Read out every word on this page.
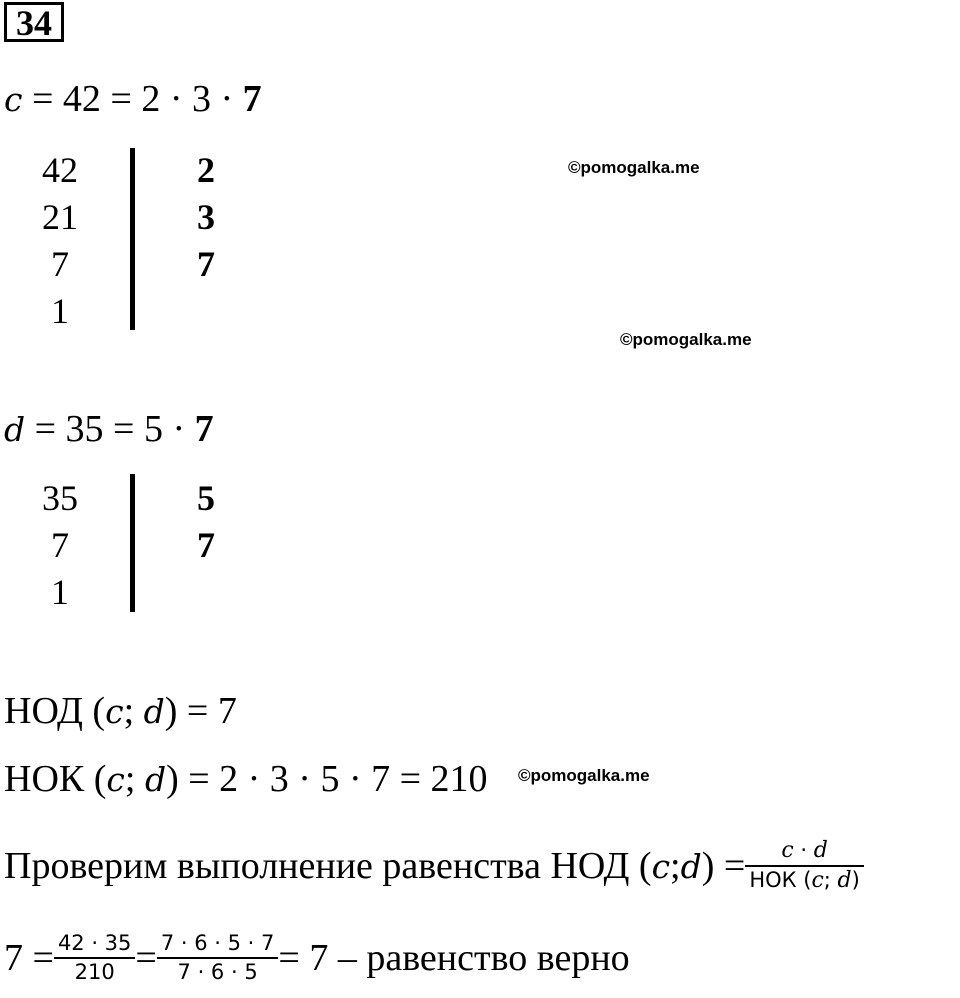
34
c = 42 = 2 · 3 · 7
42
21
7
1
2
3
7
©pomogalka.me
©pomogalka.me
d = 35 = 5 · 7
35
7
1
5
7
НОД (c; d) = 7
НОК (c; d) = 2 · 3 · 5 · 7 = 210 ©pomogalka.me
Проверим выполнение равенства НОД ( c ; d ) = $\frac{c \cdot d}{\text{НОК (c; d)}}$
$7 = \frac{42 \cdot 35}{210} = \frac{7 \cdot 6 \cdot 5 \cdot 7}{7 \cdot 6 \cdot 5} = 7$ – равенство верно
